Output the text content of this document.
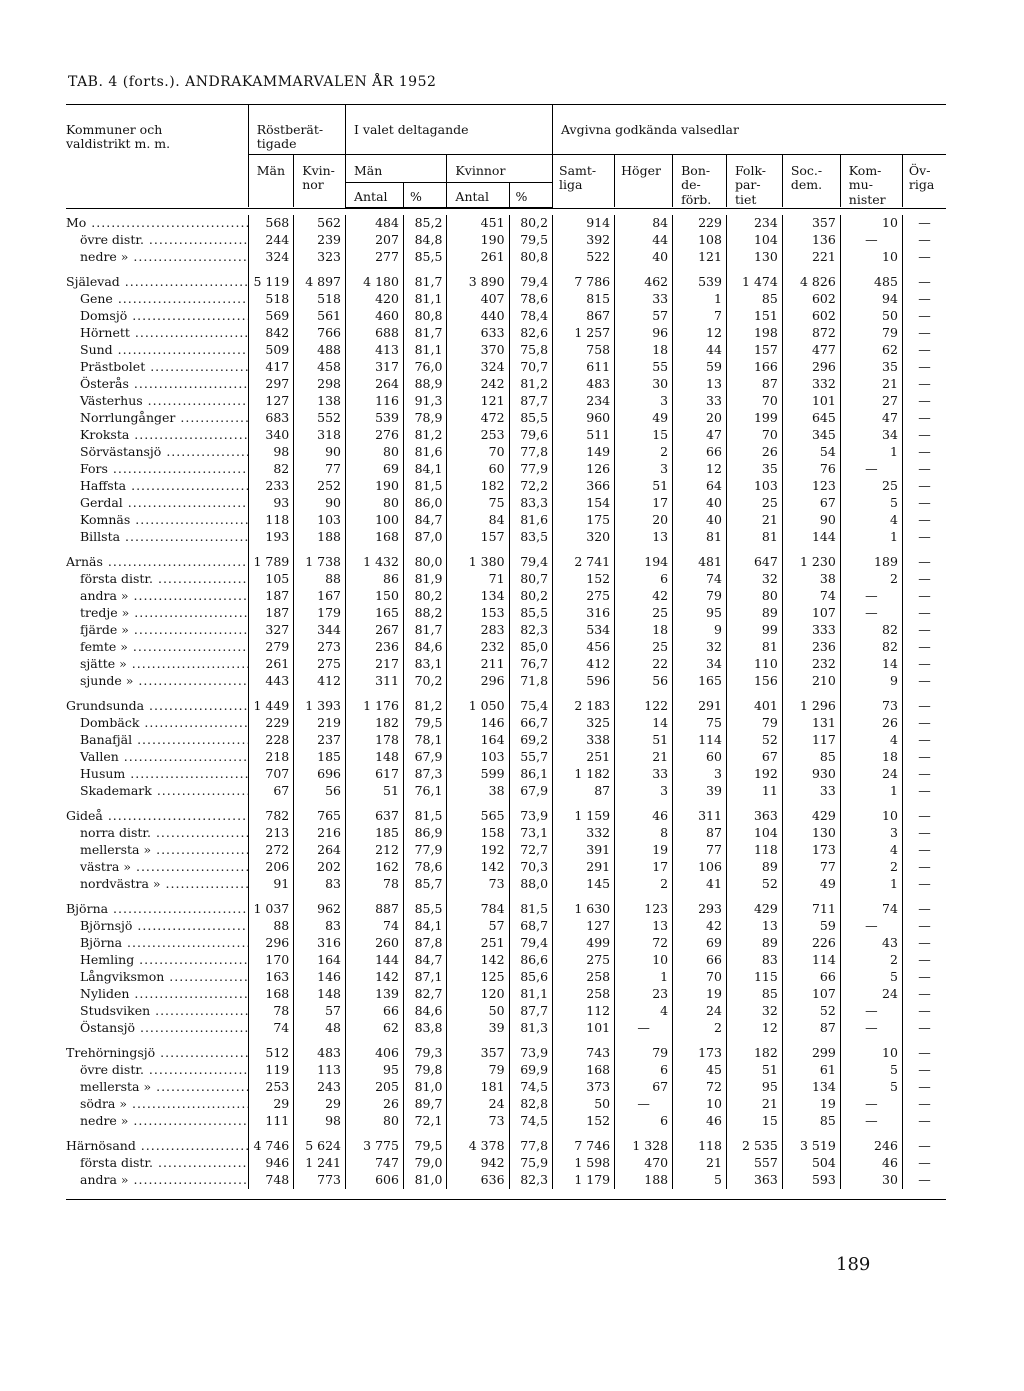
TAB. 4 (forts.). ANDRAKAMMARVALEN ÅR 1952
Kommuner och valdistrikt m. m.	Röstberät-tigade		I valet deltagande				Avgivna godkända valsedlar						
	Män	Kvin-nor	Män		Kvinnor		Samt-liga	Höger	Bon-de-förb.	Folk-par-tiet	Soc.-dem.	Kom-mu-nister	Öv-riga
			Antal	%	Antal	%							

Mo .....	568	562	484	85,2	451	80,2	914	84	229	234	357	10	—
övre distr. .....	244	239	207	84,8	190	79,5	392	44	108	104	136	—	—
nedre » .....	324	323	277	85,5	261	80,8	522	40	121	130	221	10	—
Själevad .....	5 119	4 897	4 180	81,7	3 890	79,4	7 786	462	539	1 474	4 826	485	—
Gene .....	518	518	420	81,1	407	78,6	815	33	1	85	602	94	—
Domsjö .....	569	561	460	80,8	440	78,4	867	57	7	151	602	50	—
Hörnett .....	842	766	688	81,7	633	82,6	1 257	96	12	198	872	79	—
Sund .....	509	488	413	81,1	370	75,8	758	18	44	157	477	62	—
Prästbolet .....	417	458	317	76,0	324	70,7	611	55	59	166	296	35	—
Österås .....	297	298	264	88,9	242	81,2	483	30	13	87	332	21	—
Västerhus .....	127	138	116	91,3	121	87,7	234	3	33	70	101	27	—
Norrlungånger .....	683	552	539	78,9	472	85,5	960	49	20	199	645	47	—
Kroksta .....	340	318	276	81,2	253	79,6	511	15	47	70	345	34	—
Sörvästansjö .....	98	90	80	81,6	70	77,8	149	2	66	26	54	1	—
Fors .....	82	77	69	84,1	60	77,9	126	3	12	35	76	—	—
Haffsta .....	233	252	190	81,5	182	72,2	366	51	64	103	123	25	—
Gerdal .....	93	90	80	86,0	75	83,3	154	17	40	25	67	5	—
Komnäs .....	118	103	100	84,7	84	81,6	175	20	40	21	90	4	—
Billsta .....	193	188	168	87,0	157	83,5	320	13	81	81	144	1	—
Arnäs .....	1 789	1 738	1 432	80,0	1 380	79,4	2 741	194	481	647	1 230	189	—
första distr. .....	105	88	86	81,9	71	80,7	152	6	74	32	38	2	—
andra » .....	187	167	150	80,2	134	80,2	275	42	79	80	74	—	—
tredje » .....	187	179	165	88,2	153	85,5	316	25	95	89	107	—	—
fjärde » .....	327	344	267	81,7	283	82,3	534	18	9	99	333	82	—
femte » .....	279	273	236	84,6	232	85,0	456	25	32	81	236	82	—
sjätte » .....	261	275	217	83,1	211	76,7	412	22	34	110	232	14	—
sjunde » .....	443	412	311	70,2	296	71,8	596	56	165	156	210	9	—
Grundsunda .....	1 449	1 393	1 176	81,2	1 050	75,4	2 183	122	291	401	1 296	73	—
Dombäck .....	229	219	182	79,5	146	66,7	325	14	75	79	131	26	—
Banafjäl .....	228	237	178	78,1	164	69,2	338	51	114	52	117	4	—
Vallen .....	218	185	148	67,9	103	55,7	251	21	60	67	85	18	—
Husum .....	707	696	617	87,3	599	86,1	1 182	33	3	192	930	24	—
Skademark .....	67	56	51	76,1	38	67,9	87	3	39	11	33	1	—
Gideå .....	782	765	637	81,5	565	73,9	1 159	46	311	363	429	10	—
norra distr. .....	213	216	185	86,9	158	73,1	332	8	87	104	130	3	—
mellersta » .....	272	264	212	77,9	192	72,7	391	19	77	118	173	4	—
västra » .....	206	202	162	78,6	142	70,3	291	17	106	89	77	2	—
nordvästra » .....	91	83	78	85,7	73	88,0	145	2	41	52	49	1	—
Björna .....	1 037	962	887	85,5	784	81,5	1 630	123	293	429	711	74	—
Björnsjö .....	88	83	74	84,1	57	68,7	127	13	42	13	59	—	—
Björna .....	296	316	260	87,8	251	79,4	499	72	69	89	226	43	—
Hemling .....	170	164	144	84,7	142	86,6	275	10	66	83	114	2	—
Långviksmon .....	163	146	142	87,1	125	85,6	258	1	70	115	66	5	—
Nyliden .....	168	148	139	82,7	120	81,1	258	23	19	85	107	24	—
Studsviken .....	78	57	66	84,6	50	87,7	112	4	24	32	52	—	—
Östansjö .....	74	48	62	83,8	39	81,3	101	—	2	12	87	—	—
Trehörningsjö .....	512	483	406	79,3	357	73,9	743	79	173	182	299	10	—
övre distr. .....	119	113	95	79,8	79	69,9	168	6	45	51	61	5	—
mellersta » .....	253	243	205	81,0	181	74,5	373	67	72	95	134	5	—
södra » .....	29	29	26	89,7	24	82,8	50	—	10	21	19	—	—
nedre » .....	111	98	80	72,1	73	74,5	152	6	46	15	85	—	—
Härnösand .....	4 746	5 624	3 775	79,5	4 378	77,8	7 746	1 328	118	2 535	3 519	246	—
första distr. .....	946	1 241	747	79,0	942	75,9	1 598	470	21	557	504	46	—
andra » .....	748	773	606	81,0	636	82,3	1 179	188	5	363	593	30	—

189
